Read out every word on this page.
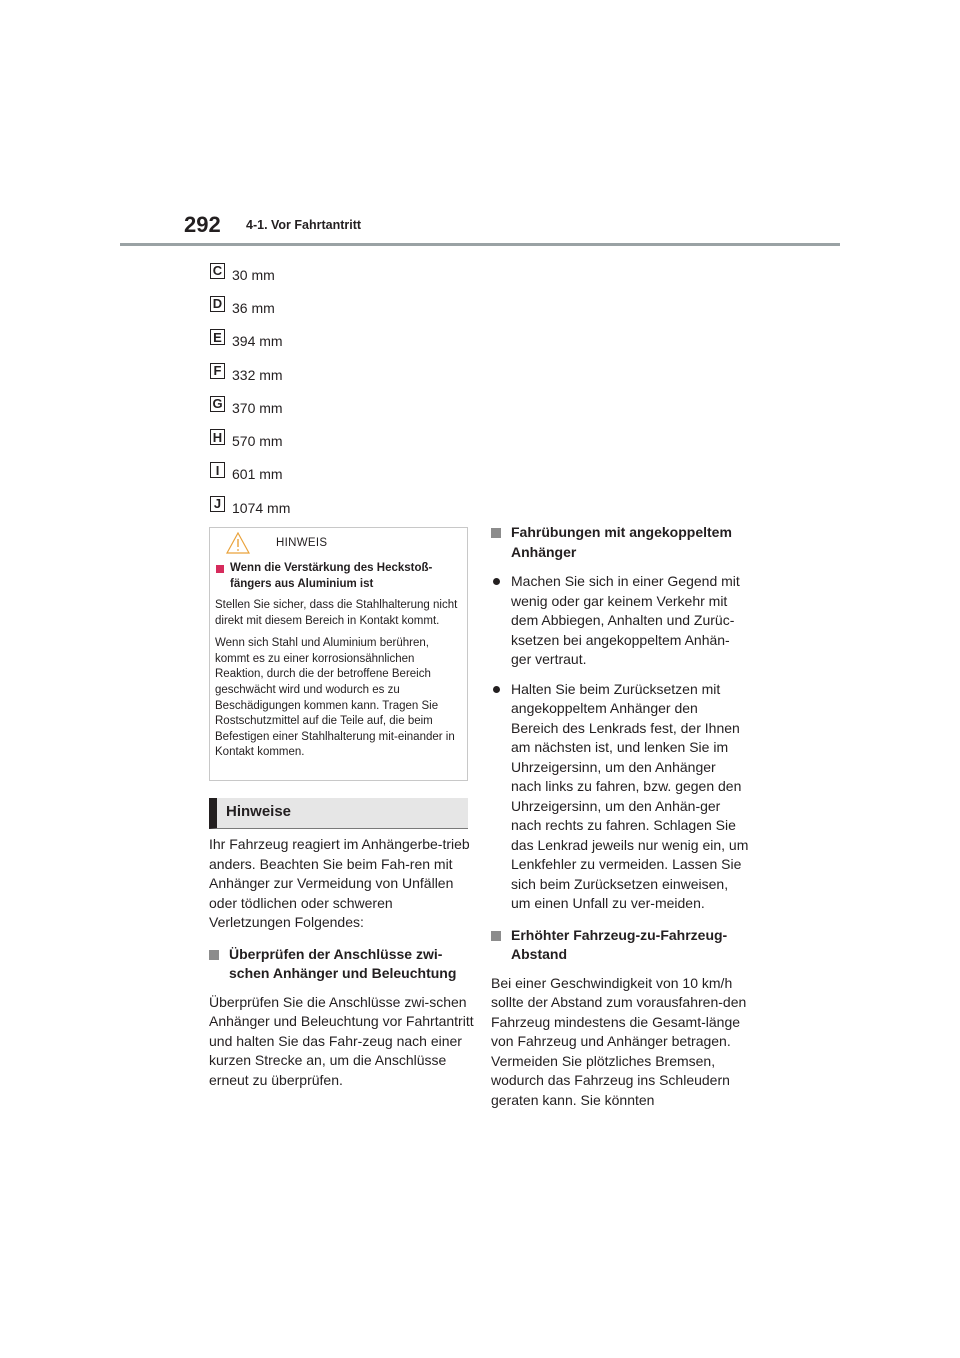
292 4-1. Vor Fahrtantritt
C 30 mm
D 36 mm
E 394 mm
F 332 mm
G 370 mm
H 570 mm
I 601 mm
J 1074 mm
HINWEIS
Wenn die Verstärkung des Heckstoß-fängers aus Aluminium ist

Stellen Sie sicher, dass die Stahlhalterung nicht direkt mit diesem Bereich in Kontakt kommt.

Wenn sich Stahl und Aluminium berühren, kommt es zu einer korrosionsähnlichen Reaktion, durch die der betroffene Bereich geschwächt wird und wodurch es zu Beschädigungen kommen kann. Tragen Sie Rostschutzmittel auf die Teile auf, die beim Befestigen einer Stahlhalterung mit-einander in Kontakt kommen.

Hinweise

Ihr Fahrzeug reagiert im Anhängerbe-trieb anders. Beachten Sie beim Fah-ren mit Anhänger zur Vermeidung von Unfällen oder tödlichen oder schweren Verletzungen Folgendes:

Überprüfen der Anschlüsse zwi-schen Anhänger und Beleuchtung

Überprüfen Sie die Anschlüsse zwi-schen Anhänger und Beleuchtung vor Fahrtantritt und halten Sie das Fahr-zeug nach einer kurzen Strecke an, um die Anschlüsse erneut zu überprüfen.

Fahrübungen mit angekoppeltem Anhänger
Machen Sie sich in einer Gegend mit wenig oder gar keinem Verkehr mit dem Abbiegen, Anhalten und Zurüc-ksetzen bei angekoppeltem Anhän-ger vertraut.
Halten Sie beim Zurücksetzen mit angekoppeltem Anhänger den Bereich des Lenkrads fest, der Ihnen am nächsten ist, und lenken Sie im Uhrzeigersinn, um den Anhänger nach links zu fahren, bzw. gegen den Uhrzeigersinn, um den Anhän-ger nach rechts zu fahren. Schlagen Sie das Lenkrad jeweils nur wenig ein, um Lenkfehler zu vermeiden. Lassen Sie sich beim Zurücksetzen einweisen, um einen Unfall zu ver-meiden.
Erhöhter Fahrzeug-zu-Fahrzeug-Abstand

Bei einer Geschwindigkeit von 10 km/h sollte der Abstand zum vorausfahren-den Fahrzeug mindestens die Gesamt-länge von Fahrzeug und Anhänger betragen. Vermeiden Sie plötzliches Bremsen, wodurch das Fahrzeug ins Schleudern geraten kann. Sie könnten
